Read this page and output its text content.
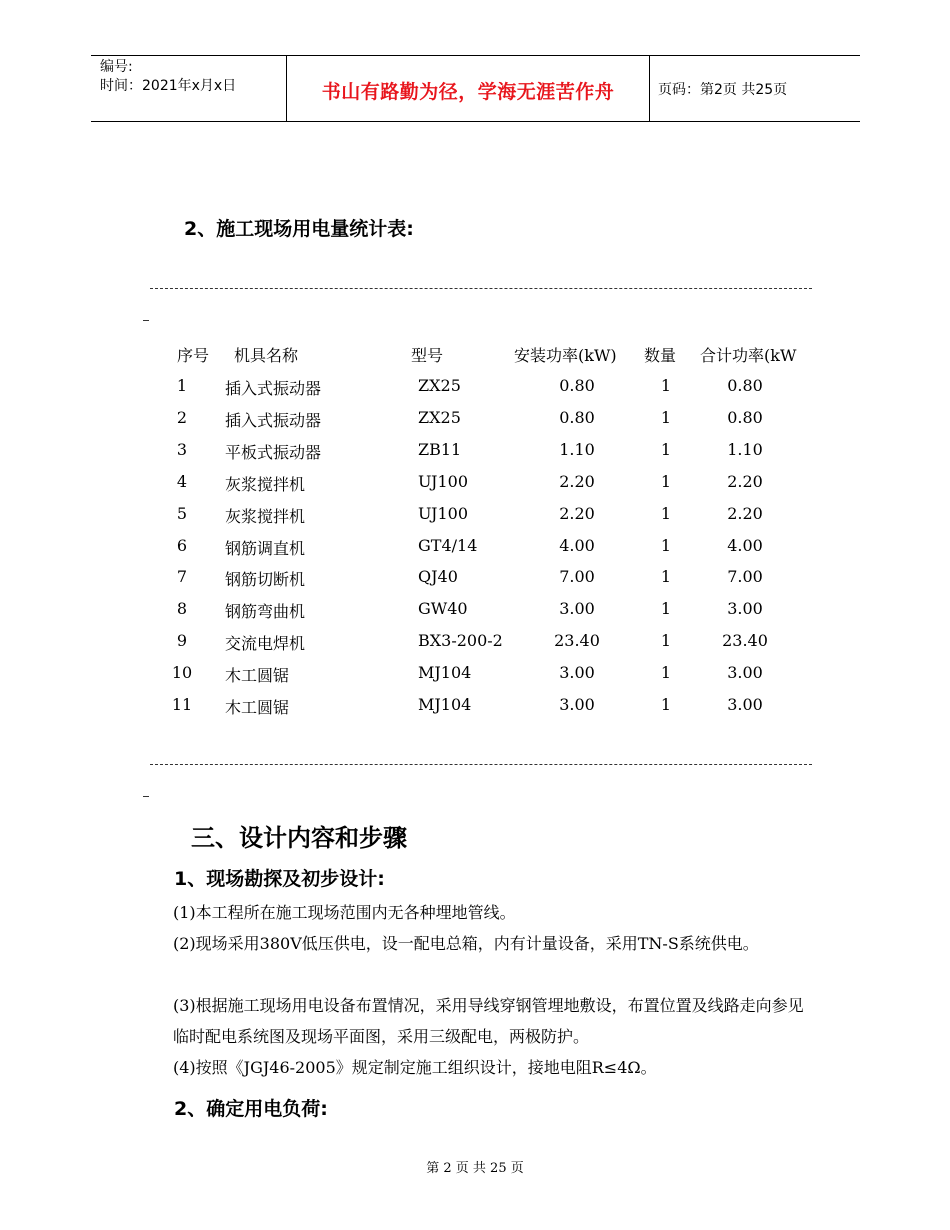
编号:
时间：2021年x月x日	书山有路勤为径，学海无涯苦作舟	页码：第2页 共25页
2、施工现场用电量统计表:
序号 机具名称	型号	安装功率(kW) 数量 合计功率(kW
1	插入式振动器	ZX25	0.80	1	0.80
2	插入式振动器	ZX25	0.80	1	0.80
3	平板式振动器	ZB11	1.10	1	1.10
4	灰浆搅拌机	UJ100	2.20	1	2.20
5	灰浆搅拌机	UJ100	2.20	1	2.20
6	钢筋调直机	GT4/14	4.00	1	4.00
7	钢筋切断机	QJ40	7.00	1	7.00
8	钢筋弯曲机	GW40	3.00	1	3.00
9	交流电焊机	BX3-200-2	23.40	1	23.40
10	木工圆锯	MJ104	3.00	1	3.00
11	木工圆锯	MJ104	3.00	1	3.00
三、设计内容和步骤
1、现场勘探及初步设计:
(1)本工程所在施工现场范围内无各种埋地管线。
(2)现场采用380V低压供电，设一配电总箱，内有计量设备，采用TN-S系统供电。
(3)根据施工现场用电设备布置情况，采用导线穿钢管埋地敷设，布置位置及线路走向参见临时配电系统图及现场平面图，采用三级配电，两极防护。
(4)按照《JGJ46-2005》规定制定施工组织设计，接地电阻R≤4Ω。
2、确定用电负荷:
第 2 页 共 25 页
